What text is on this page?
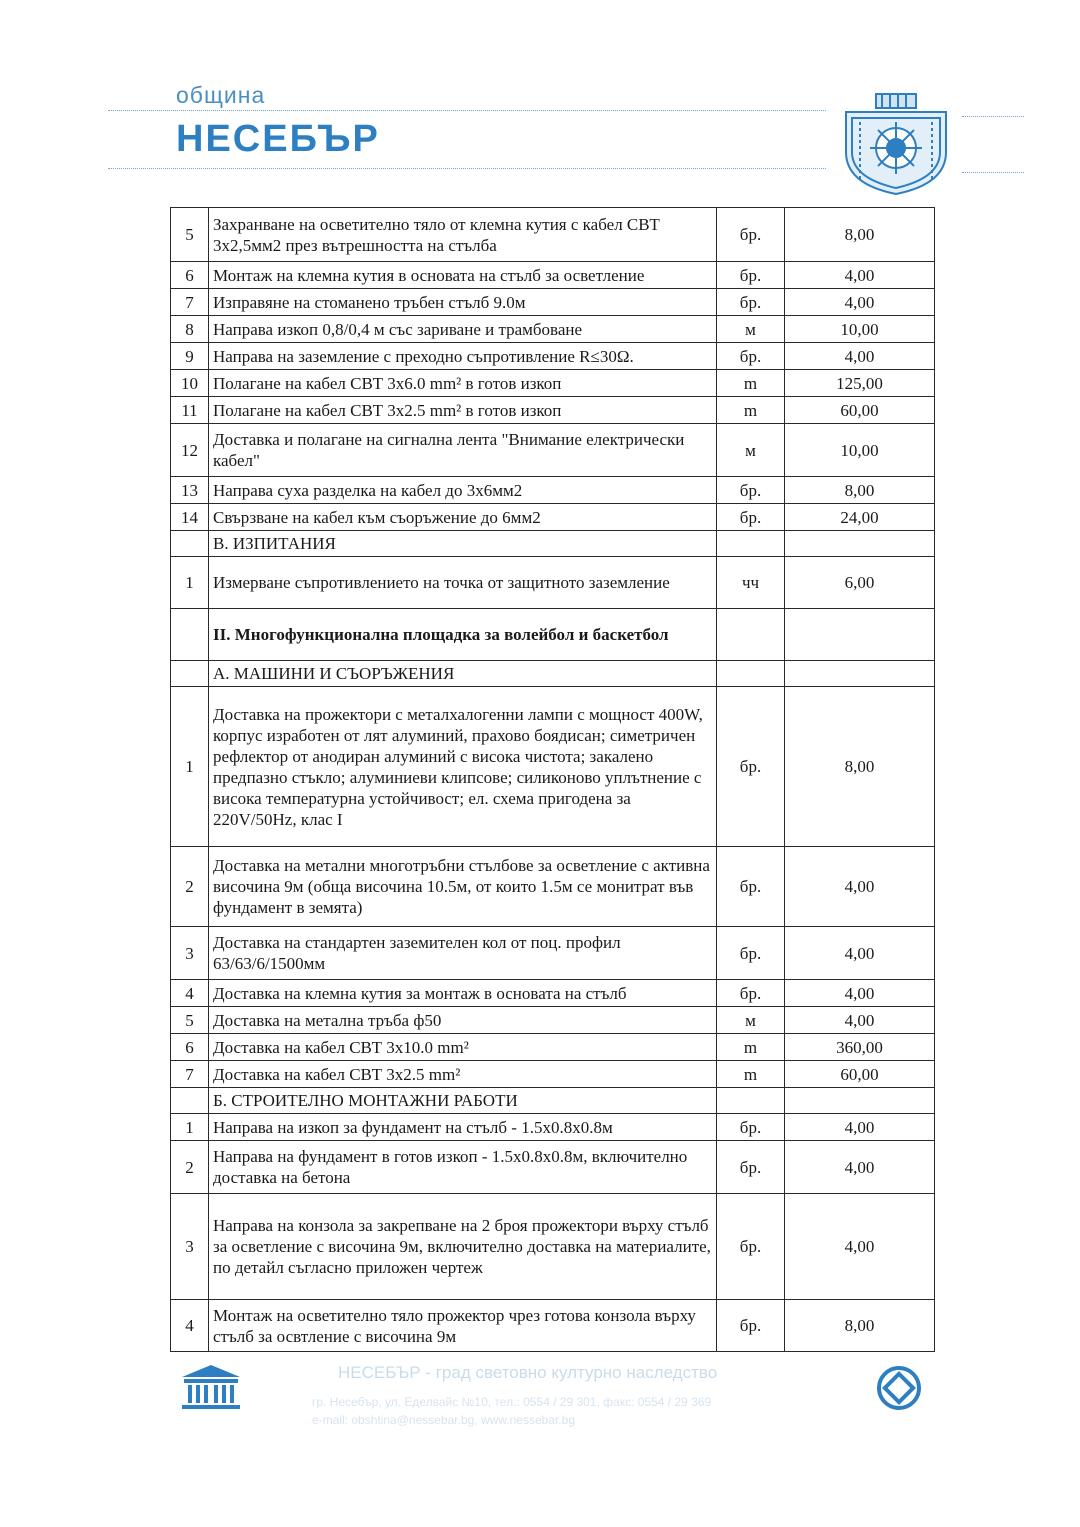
община
НЕСЕБЪР
5	Захранване на осветително тяло от клемна кутия с кабел СВТ 3х2,5мм2 през вътрешността на стълба	бр.	8,00
6	Монтаж на клемна кутия в основата на стълб за осветление	бр.	4,00
7	Изправяне на стоманено тръбен стълб 9.0м	бр.	4,00
8	Направа изкоп 0,8/0,4 м със зариване и трамбоване	м	10,00
9	Направа на заземление с преходно съпротивление R≤30Ω.	бр.	4,00
10	Полагане на кабел СВТ 3х6.0 mm² в готов изкоп	m	125,00
11	Полагане на кабел СВТ 3х2.5 mm² в готов изкоп	m	60,00
12	Доставка и полагане на сигнална лента "Внимание електрически кабел"	м	10,00
13	Направа суха разделка на кабел до 3х6мм2	бр.	8,00
14	Свързване на кабел към съоръжение до 6мм2	бр.	24,00
	В. ИЗПИТАНИЯ		
1	Измерване съпротивлението на точка от защитното заземление	чч	6,00
	II. Многофункционална площадка за волейбол и баскетбол		
	А. МАШИНИ И СЪОРЪЖЕНИЯ		
1	Доставка на прожектори с металхалогенни лампи с мощност 400W, корпус изработен от лят алуминий, прахово боядисан; симетричен рефлектор от анодиран алуминий с висока чистота; закалено предпазно стъкло; алуминиеви клипсове; силиконово уплътнение с висока температурна устойчивост; ел. схема пригодена за 220V/50Hz, клас I	бр.	8,00
2	Доставка на метални многотръбни стълбове за осветление с активна височина 9м (обща височина 10.5м, от които 1.5м се монитрат във фундамент в земята)	бр.	4,00
3	Доставка на стандартен заземителен кол от поц. профил 63/63/6/1500мм	бр.	4,00
4	Доставка на клемна кутия за монтаж в основата на стълб	бр.	4,00
5	Доставка на метална тръба ф50	м	4,00
6	Доставка на кабел СВТ 3х10.0 mm²	m	360,00
7	Доставка на кабел СВТ 3х2.5 mm²	m	60,00
	Б. СТРОИТЕЛНО МОНТАЖНИ РАБОТИ		
1	Направа на изкоп за фундамент на стълб - 1.5х0.8х0.8м	бр.	4,00
2	Направа на фундамент в готов изкоп - 1.5х0.8х0.8м, включително доставка на бетона	бр.	4,00
3	Направа на конзола за закрепване на 2 броя прожектори върху стълб за осветление с височина 9м, включително доставка на материалите, по детайл съгласно приложен чертеж	бр.	4,00
4	Монтаж на осветително тяло прожектор чрез готова конзола върху стълб за освтление с височина 9м	бр.	8,00
НЕСЕБЪР - град световно културно наследство
гр. Несебър, ул. Еделвайс №10, тел.: 0554 / 29 301, факс: 0554 / 29 369
e-mail: obshtina@nessebar.bg, www.nessebar.bg
